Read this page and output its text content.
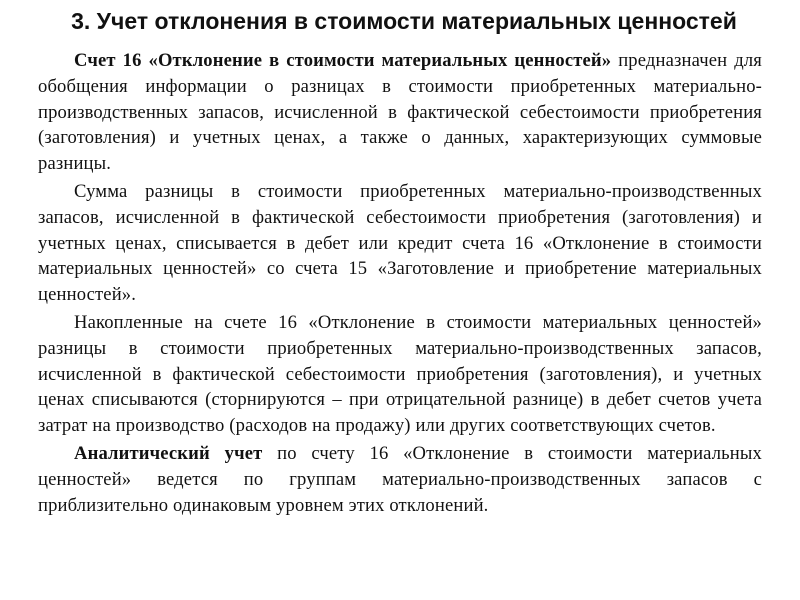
3. Учет отклонения в стоимости материальных ценностей

Счет 16 «Отклонение в стоимости материальных ценностей» предназначен для обобщения информации о разницах в стоимости приобретенных материально-производственных запасов, исчисленной в фактической себестоимости приобретения (заготовления) и учетных ценах, а также о данных, характеризующих суммовые разницы.

Сумма разницы в стоимости приобретенных материально-производственных запасов, исчисленной в фактической себестоимости приобретения (заготовления) и учетных ценах, списывается в дебет или кредит счета 16 «Отклонение в стоимости материальных ценностей» со счета 15 «Заготовление и приобретение материальных ценностей».

Накопленные на счете 16 «Отклонение в стоимости материальных ценностей» разницы в стоимости приобретенных материально-производственных запасов, исчисленной в фактической себестоимости приобретения (заготовления), и учетных ценах списываются (сторнируются – при отрицательной разнице) в дебет счетов учета затрат на производство (расходов на продажу) или других соответствующих счетов.

Аналитический учет по счету 16 «Отклонение в стоимости материальных ценностей» ведется по группам материально-производственных запасов с приблизительно одинаковым уровнем этих отклонений.
